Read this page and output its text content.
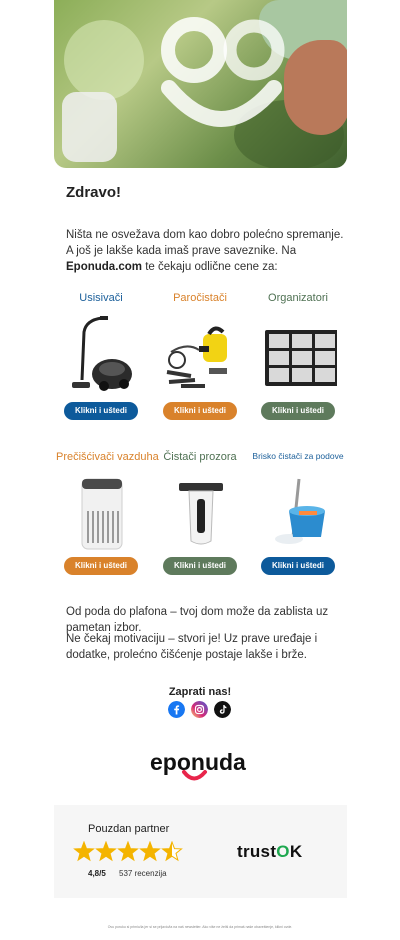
Zdravo!
Ništa ne osvežava dom kao dobro polećno spremanje. A još je lakše kada imaš prave saveznike. Na Eponuda.com te čekaju odlične cene za:
Usisivači
Klikni i uštedi
Paročistači
Klikni i uštedi
Organizatori
Klikni i uštedi
Prečišćivači vazduha
Klikni i uštedi
Čistači prozora
Klikni i uštedi
Brisko čistači za podove
Klikni i uštedi
Od poda do plafona – tvoj dom može da zablista uz pametan izbor.
Ne čekaj motivaciju – stvori je! Uz prave uređaje i dodatke, prolećno čišćenje postaje lakše i brže.
Zaprati nas!
eponuda
Pouzdan partner
4,8/5 537 recenzija
trustOK
Ovu poruku si primio/la jer si se prijavio/la na naš newsletter. Ako više ne želiš da primaš naše obaveštenje, klikni ovde.
